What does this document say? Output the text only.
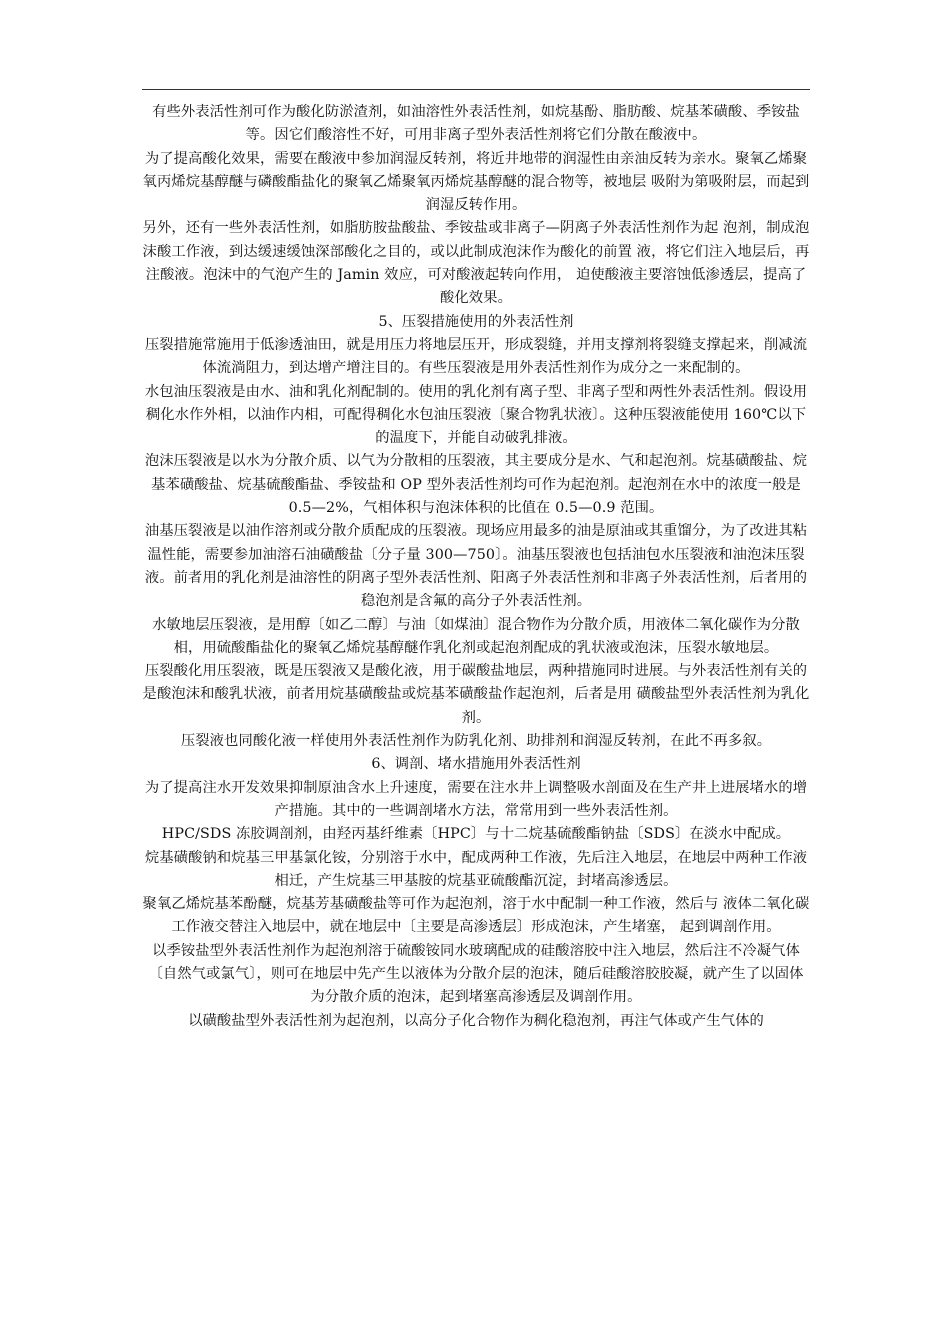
有些外表活性剂可作为酸化防淤渣剂，如油溶性外表活性剂，如烷基酚、脂肪酸、烷基苯磺酸、季铵盐等。因它们酸溶性不好，可用非离子型外表活性剂将它们分散在酸液中。

为了提高酸化效果，需要在酸液中参加润湿反转剂，将近井地带的润湿性由亲油反转为亲水。聚氧乙烯聚氧丙烯烷基醇醚与磷酸酯盐化的聚氧乙烯聚氧丙烯烷基醇醚的混合物等，被地层 吸附为第吸附层，而起到润湿反转作用。

另外，还有一些外表活性剂，如脂肪胺盐酸盐、季铵盐或非离子—阴离子外表活性剂作为起 泡剂，制成泡沫酸工作液，到达缓速缓蚀深部酸化之目的，或以此制成泡沫作为酸化的前置 液，将它们注入地层后，再注酸液。泡沫中的气泡产生的 Jamin 效应，可对酸液起转向作用， 迫使酸液主要溶蚀低渗透层，提高了酸化效果。

5、压裂措施使用的外表活性剂

压裂措施常施用于低渗透油田，就是用压力将地层压开，形成裂缝，并用支撑剂将裂缝支撑起来，削减流体流淌阻力，到达增产增注目的。有些压裂液是用外表活性剂作为成分之一来配制的。

水包油压裂液是由水、油和乳化剂配制的。使用的乳化剂有离子型、非离子型和两性外表活性剂。假设用稠化水作外相，以油作内相，可配得稠化水包油压裂液〔聚合物乳状液〕。这种压裂液能使用 160℃以下的温度下，并能自动破乳排液。

泡沫压裂液是以水为分散介质、以气为分散相的压裂液，其主要成分是水、气和起泡剂。烷基磺酸盐、烷基苯磺酸盐、烷基硫酸酯盐、季铵盐和 OP 型外表活性剂均可作为起泡剂。起泡剂在水中的浓度一般是 0.5—2%，气相体积与泡沫体积的比值在 0.5—0.9 范围。

油基压裂液是以油作溶剂或分散介质配成的压裂液。现场应用最多的油是原油或其重馏分，为了改进其粘温性能，需要参加油溶石油磺酸盐〔分子量 300—750〕。油基压裂液也包括油包水压裂液和油泡沫压裂液。前者用的乳化剂是油溶性的阴离子型外表活性剂、阳离子外表活性剂和非离子外表活性剂，后者用的稳泡剂是含氟的高分子外表活性剂。

水敏地层压裂液，是用醇〔如乙二醇〕与油〔如煤油〕混合物作为分散介质，用液体二氧化碳作为分散相，用硫酸酯盐化的聚氧乙烯烷基醇醚作乳化剂或起泡剂配成的乳状液或泡沫，压裂水敏地层。

压裂酸化用压裂液，既是压裂液又是酸化液，用于碳酸盐地层，两种措施同时进展。与外表活性剂有关的是酸泡沫和酸乳状液，前者用烷基磺酸盐或烷基苯磺酸盐作起泡剂，后者是用 磺酸盐型外表活性剂为乳化剂。

压裂液也同酸化液一样使用外表活性剂作为防乳化剂、助排剂和润湿反转剂，在此不再多叙。

6、调剖、堵水措施用外表活性剂

为了提高注水开发效果抑制原油含水上升速度，需要在注水井上调整吸水剖面及在生产井上进展堵水的增产措施。其中的一些调剖堵水方法，常常用到一些外表活性剂。

HPC/SDS 冻胶调剖剂，由羟丙基纤维素〔HPC〕与十二烷基硫酸酯钠盐〔SDS〕在淡水中配成。

烷基磺酸钠和烷基三甲基氯化铵，分别溶于水中，配成两种工作液，先后注入地层，在地层中两种工作液相迁，产生烷基三甲基胺的烷基亚硫酸酯沉淀，封堵高渗透层。

聚氧乙烯烷基苯酚醚，烷基芳基磺酸盐等可作为起泡剂，溶于水中配制一种工作液，然后与 液体二氧化碳工作液交替注入地层中，就在地层中〔主要是高渗透层〕形成泡沫，产生堵塞， 起到调剖作用。

以季铵盐型外表活性剂作为起泡剂溶于硫酸铵同水玻璃配成的硅酸溶胶中注入地层，然后注不冷凝气体〔自然气或氯气〕，则可在地层中先产生以液体为分散介层的泡沫，随后硅酸溶胶胶凝，就产生了以固体为分散介质的泡沫，起到堵塞高渗透层及调剖作用。

以磺酸盐型外表活性剂为起泡剂，以高分子化合物作为稠化稳泡剂，再注气体或产生气体的
